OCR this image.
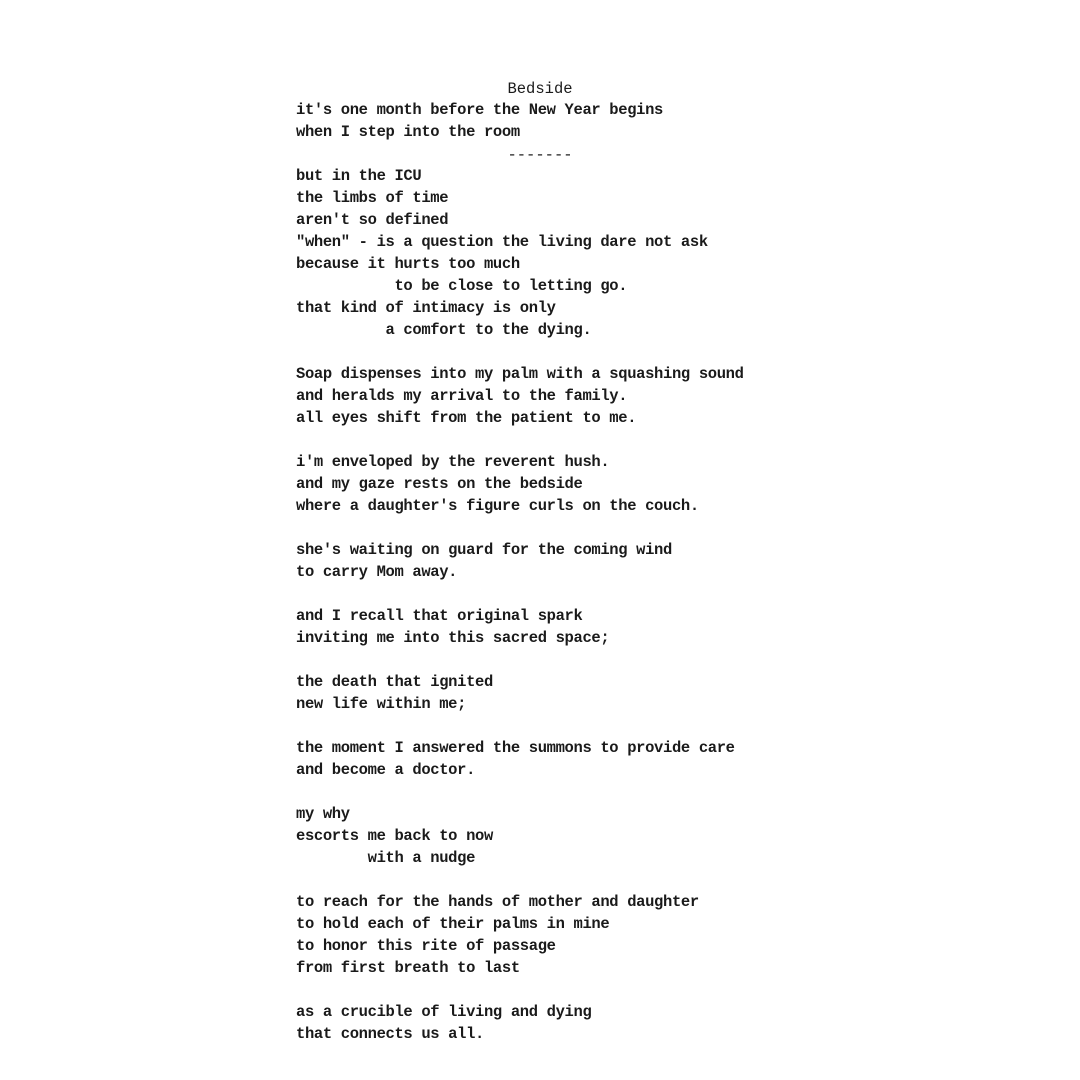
Bedside

-------

it's one month before the New Year begins
when I step into the room
but in the ICU
the limbs of time
aren't so defined
"when" - is a question the living dare not ask
because it hurts too much
to be close to letting go.
that kind of intimacy is only
a comfort to the dying.
Soap dispenses into my palm with a squashing sound
and heralds my arrival to the family.
all eyes shift from the patient to me.
i'm enveloped by the reverent hush.
and my gaze rests on the bedside
where a daughter's figure curls on the couch.
she's waiting on guard for the coming wind
to carry Mom away.
and I recall that original spark
inviting me into this sacred space;
the death that ignited
new life within me;
the moment I answered the summons to provide care
and become a doctor.
my why
escorts me back to now
with a nudge
to reach for the hands of mother and daughter
to hold each of their palms in mine
to honor this rite of passage
from first breath to last
as a crucible of living and dying
that connects us all.
